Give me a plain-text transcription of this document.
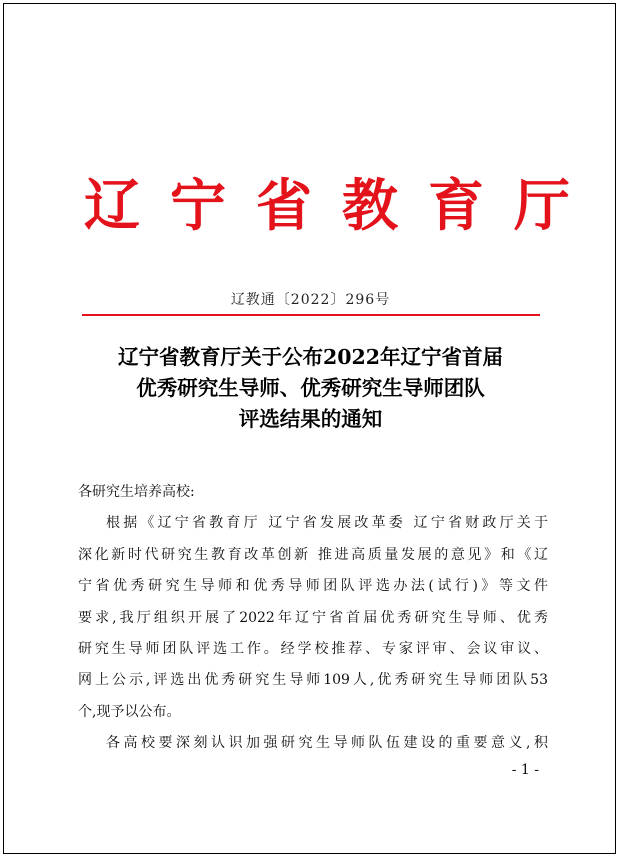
辽宁省教育厅
辽教通〔2022〕296号
辽宁省教育厅关于公布2022年辽宁省首届
优秀研究生导师、优秀研究生导师团队
评选结果的通知
各研究生培养高校:
根据《辽宁省教育厅 辽宁省发展改革委 辽宁省财政厅关于
深化新时代研究生教育改革创新 推进高质量发展的意见》和《辽
宁省优秀研究生导师和优秀导师团队评选办法(试行)》等文件
要求,我厅组织开展了2022年辽宁省首届优秀研究生导师、优秀
研究生导师团队评选工作。经学校推荐、专家评审、会议审议、
网上公示,评选出优秀研究生导师109人,优秀研究生导师团队53
个,现予以公布。
各高校要深刻认识加强研究生导师队伍建设的重要意义,积
- 1 -
